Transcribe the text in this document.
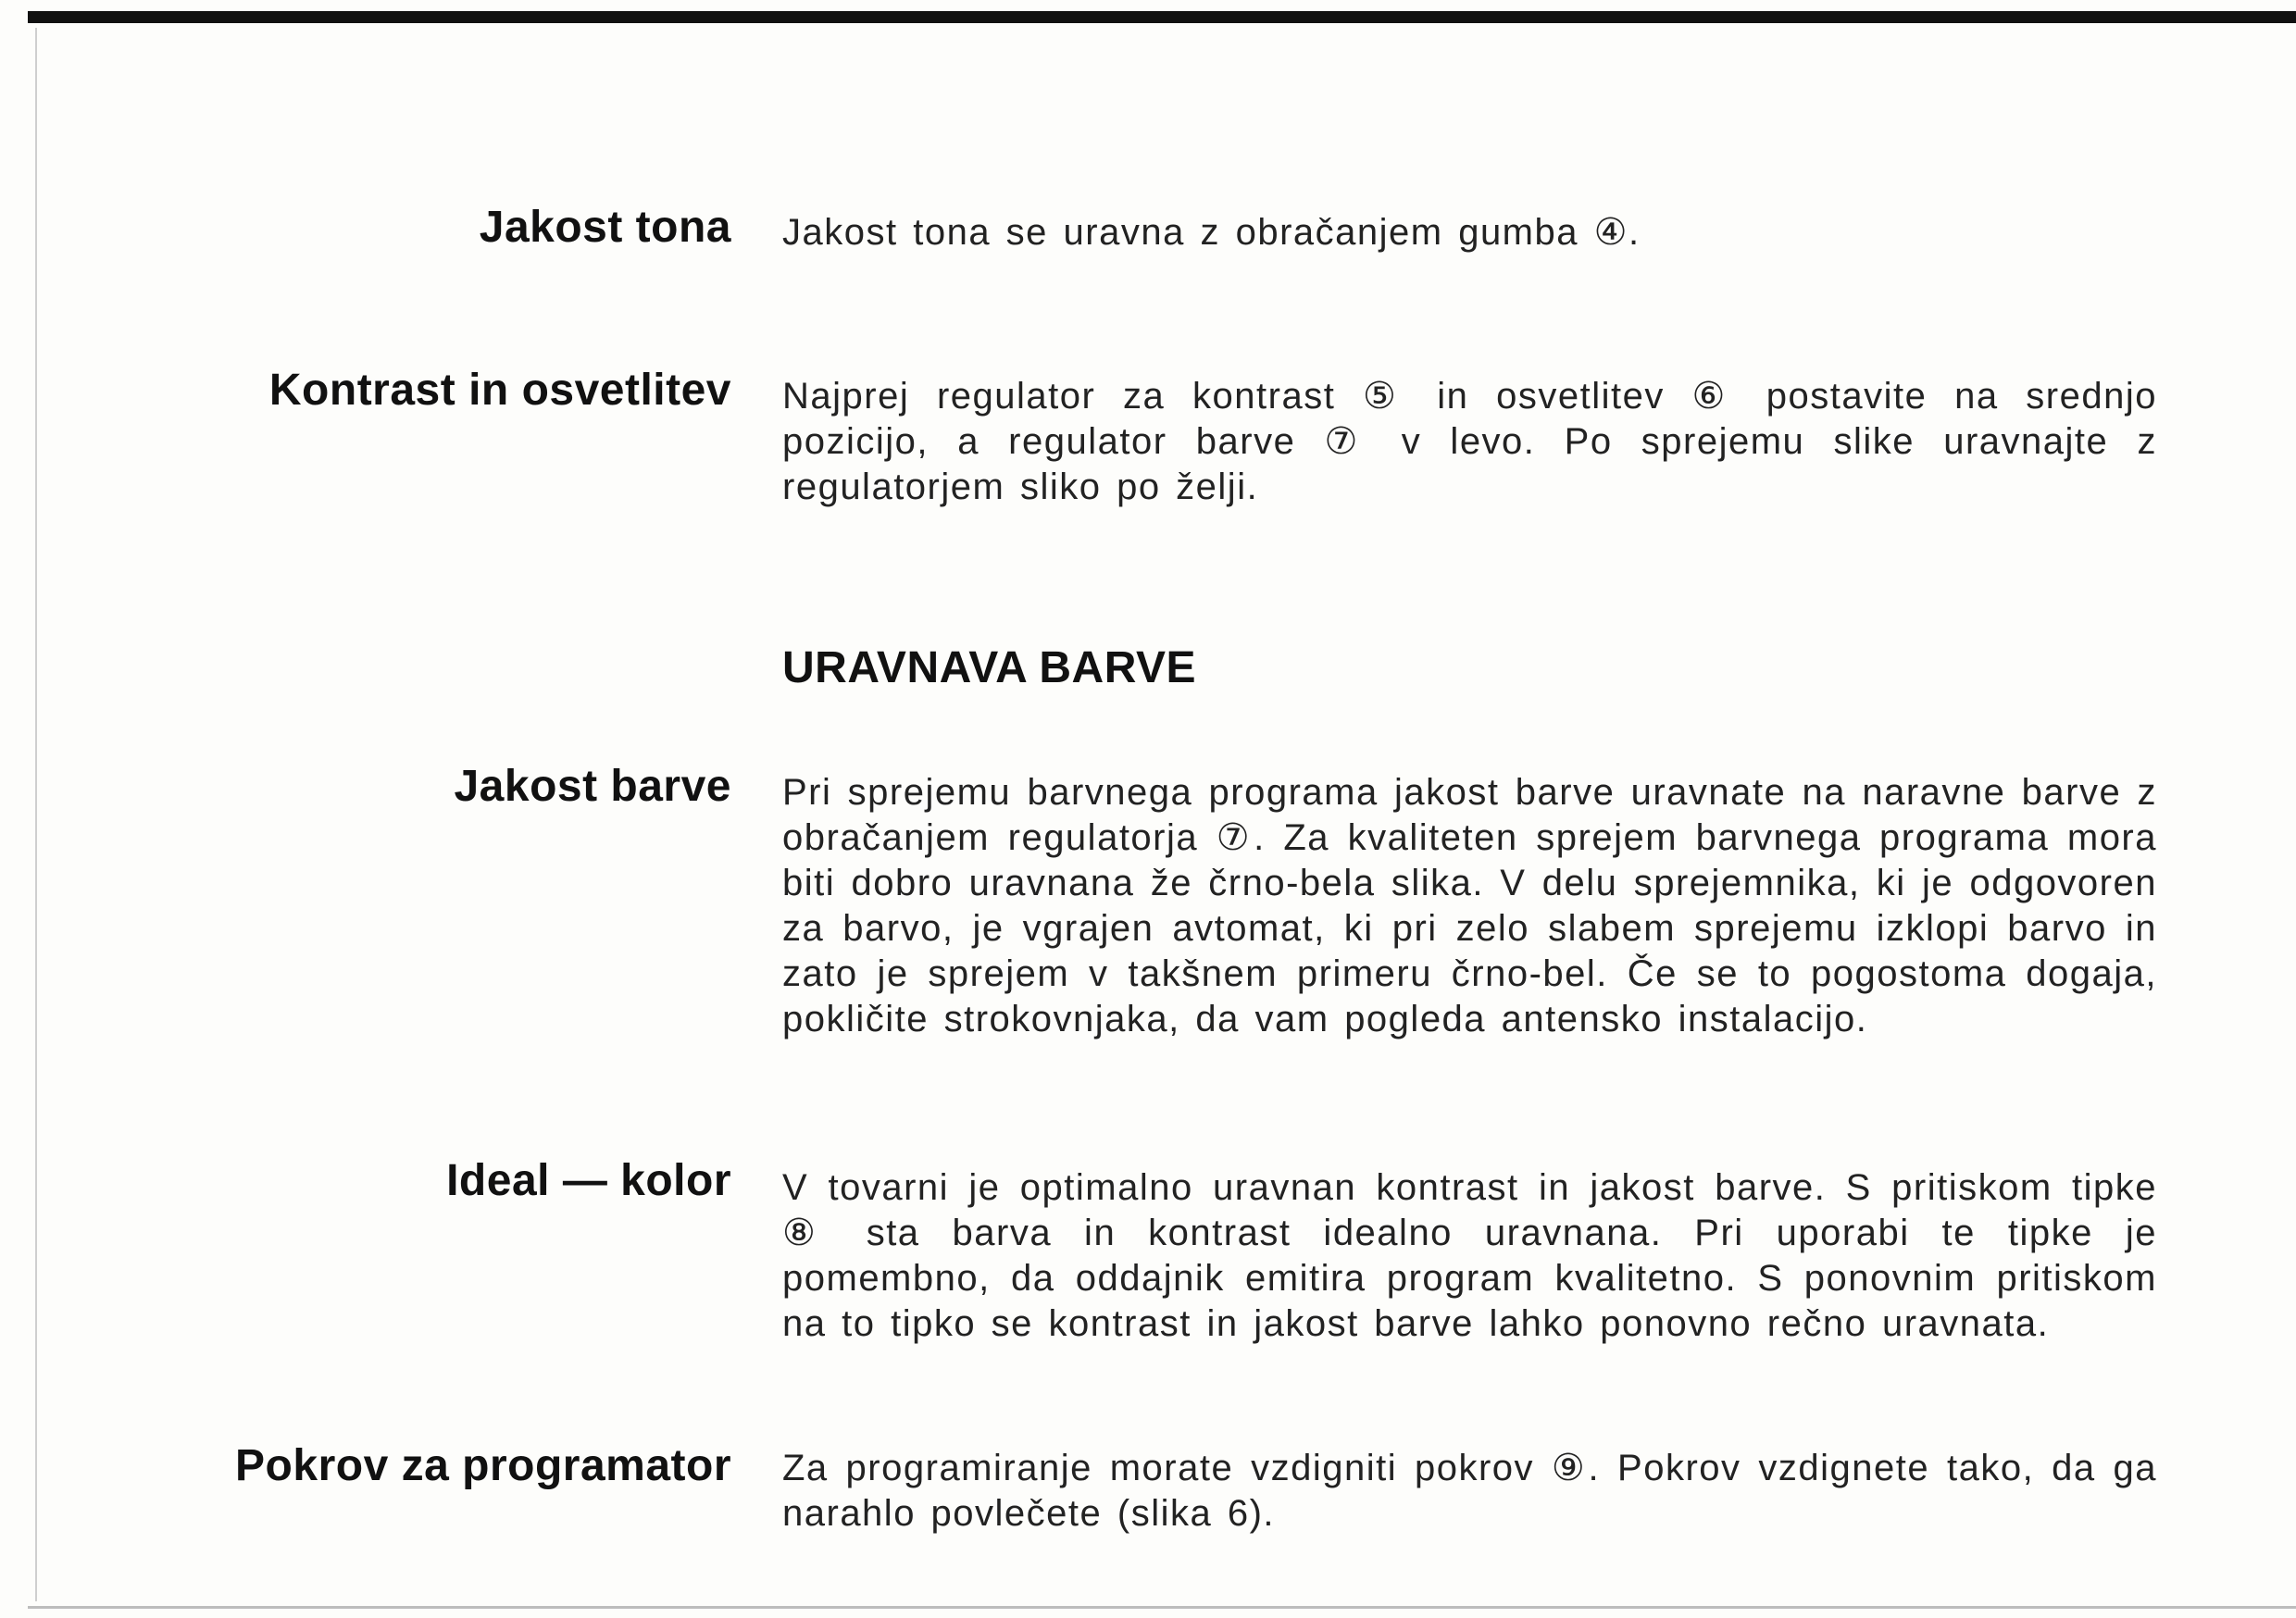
Jakost tona Jakost tona se uravna z obračanjem gumba ④.
Kontrast in osvetlitev Najprej regulator za kontrast ⑤ in osvetlitev ⑥ postavite na srednjo pozicijo, a regulator barve ⑦ v levo. Po sprejemu slike uravnajte z regulatorjem sliko po želji.
URAVNAVA BARVE
Jakost barve Pri sprejemu barvnega programa jakost barve uravnate na naravne barve z obračanjem regulatorja ⑦. Za kvaliteten sprejem barvnega programa mora biti dobro uravnana že črno-bela slika. V delu sprejemnika, ki je odgovoren za barvo, je vgrajen avtomat, ki pri zelo slabem sprejemu izklopi barvo in zato je sprejem v takšnem primeru črno-bel. Če se to pogostoma dogaja, pokličite strokovnjaka, da vam pogleda antensko instalacijo.
Ideal — kolor V tovarni je optimalno uravnan kontrast in jakost barve. S pritiskom tipke ⑧ sta barva in kontrast idealno uravnana. Pri uporabi te tipke je pomembno, da oddajnik emitira program kvalitetno. S ponovnim pritiskom na to tipko se kontrast in jakost barve lahko ponovno rečno uravnata.
Pokrov za programator Za programiranje morate vzdigniti pokrov ⑨. Pokrov vzdignete tako, da ga narahlo povlečete (slika 6).
